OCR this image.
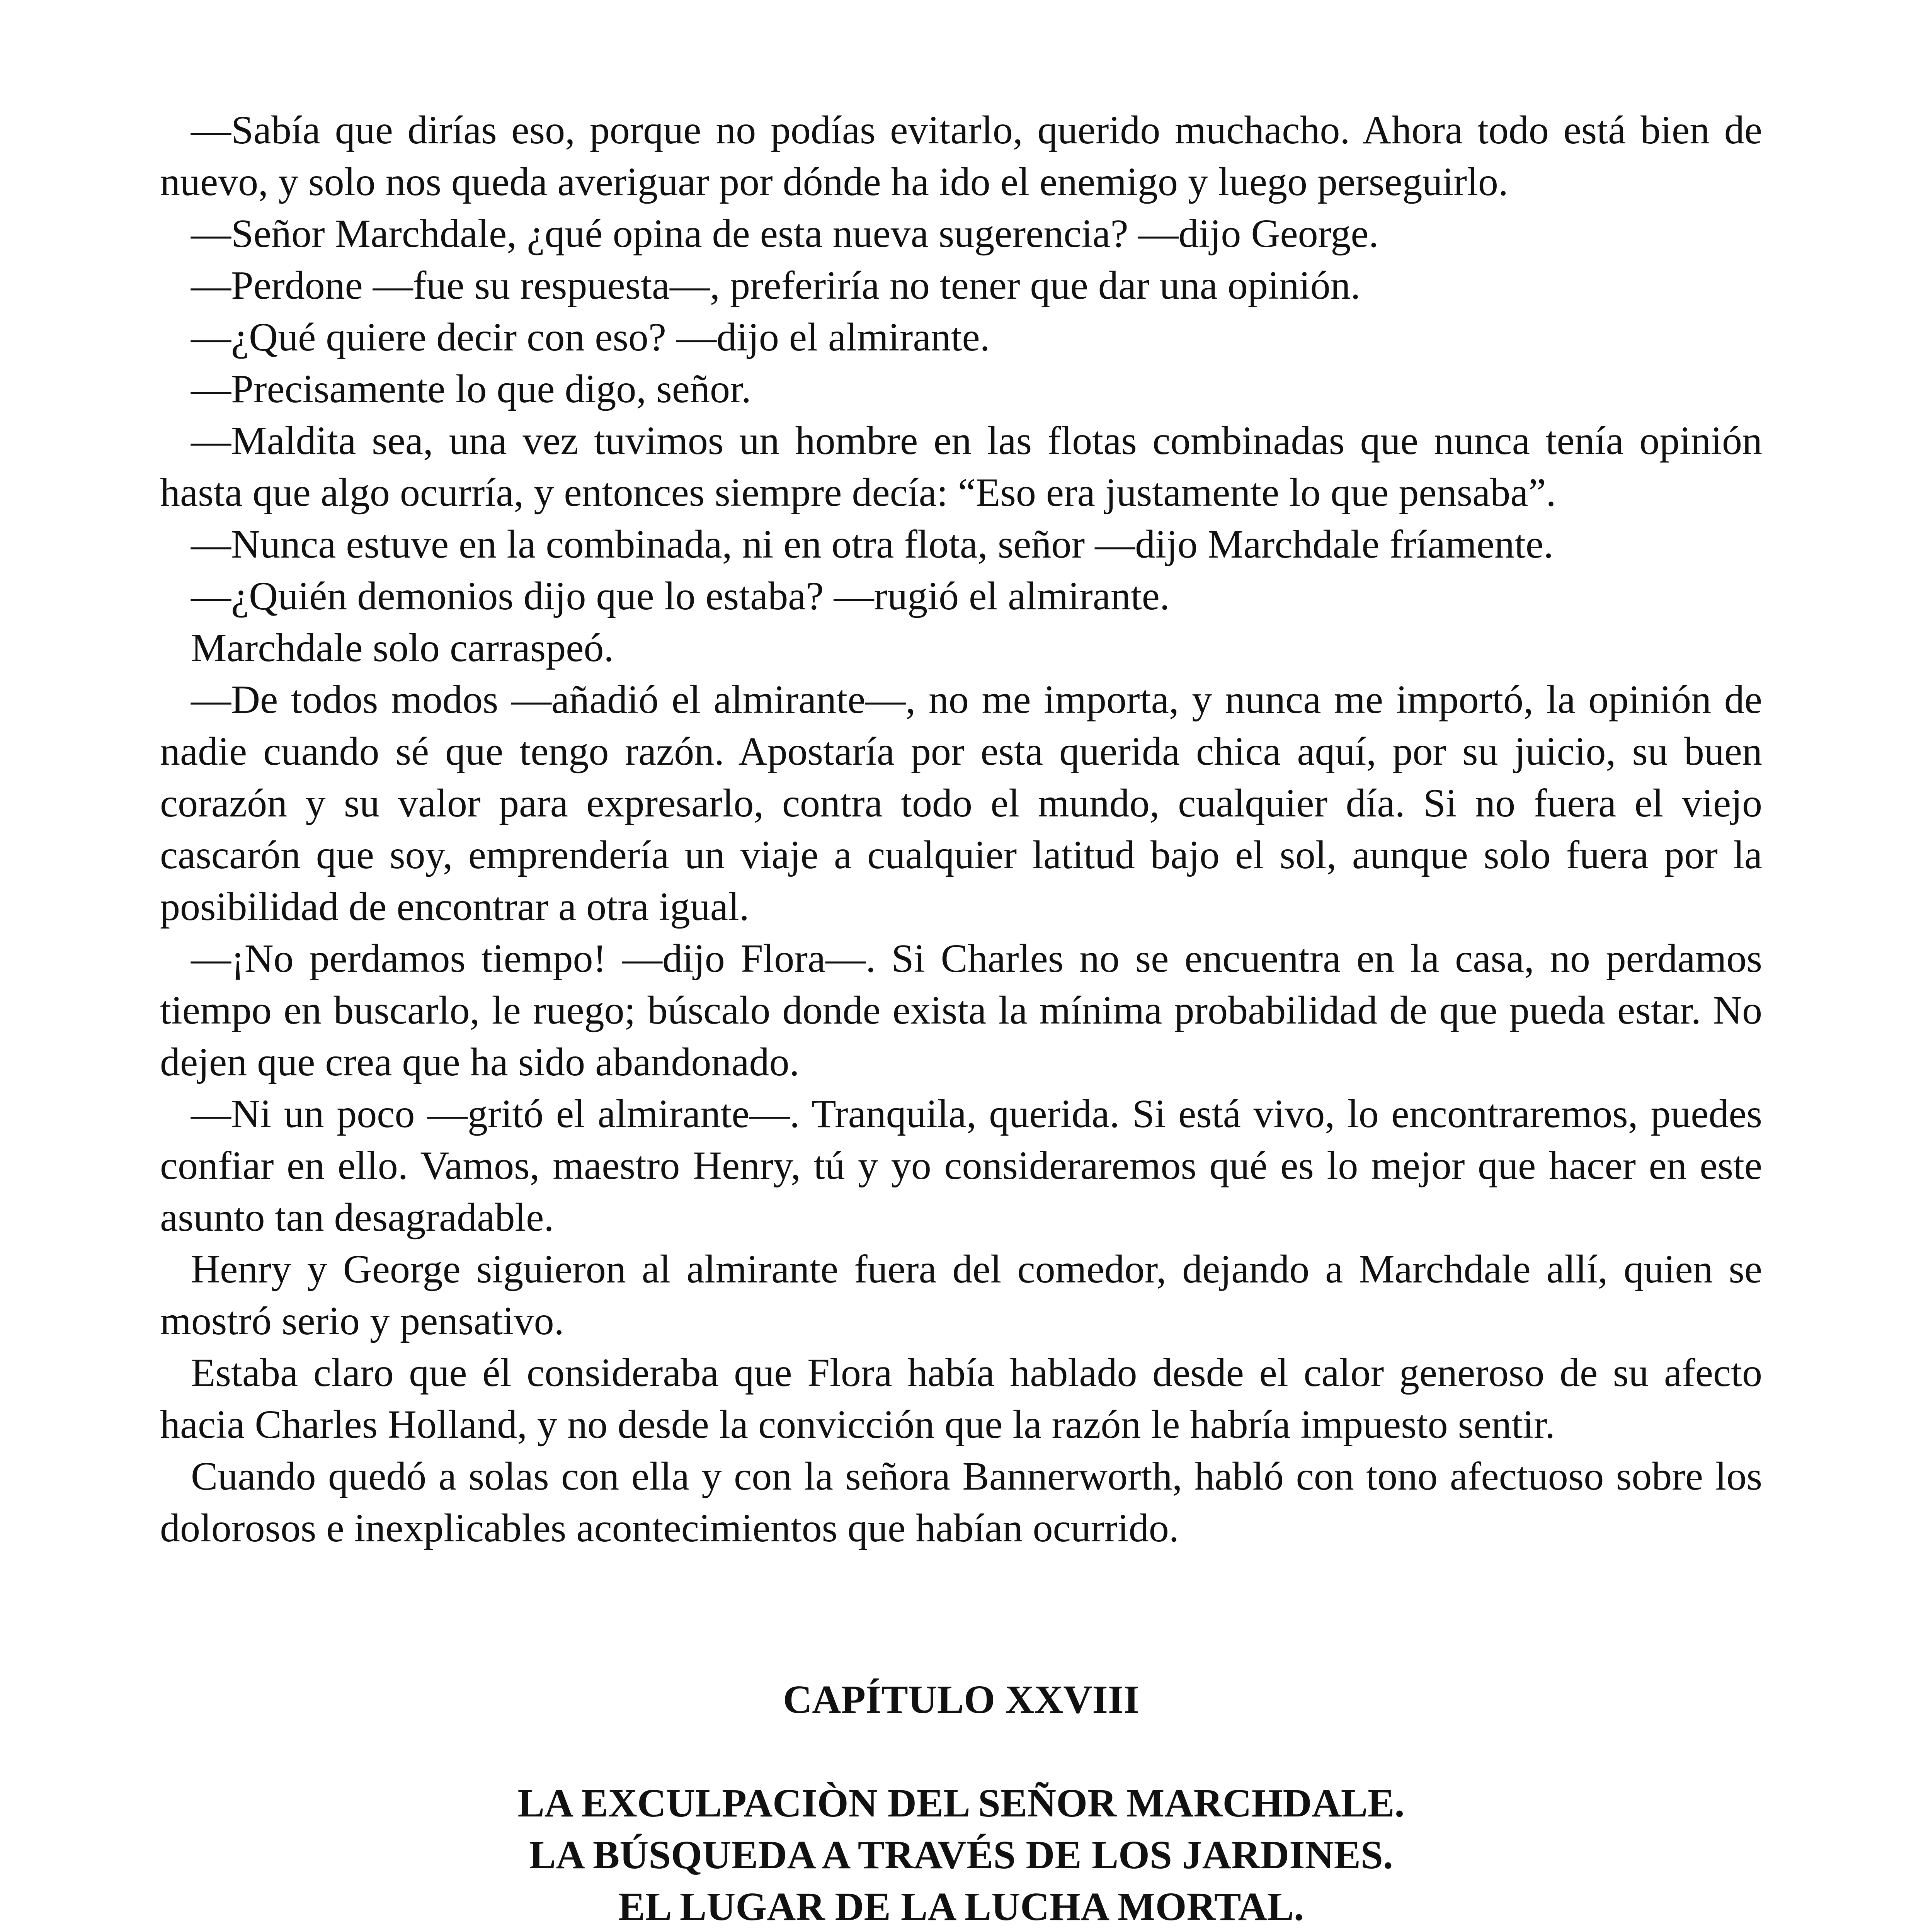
—Sabía que dirías eso, porque no podías evitarlo, querido muchacho. Ahora todo está bien de nuevo, y solo nos queda averiguar por dónde ha ido el enemigo y luego perseguirlo.

—Señor Marchdale, ¿qué opina de esta nueva sugerencia? —dijo George.

—Perdone —fue su respuesta—, preferiría no tener que dar una opinión.

—¿Qué quiere decir con eso? —dijo el almirante.

—Precisamente lo que digo, señor.

—Maldita sea, una vez tuvimos un hombre en las flotas combinadas que nunca tenía opinión hasta que algo ocurría, y entonces siempre decía: “Eso era justamente lo que pensaba”.

—Nunca estuve en la combinada, ni en otra flota, señor —dijo Marchdale fríamente.

—¿Quién demonios dijo que lo estaba? —rugió el almirante.

Marchdale solo carraspeó.

—De todos modos —añadió el almirante—, no me importa, y nunca me importó, la opinión de nadie cuando sé que tengo razón. Apostaría por esta querida chica aquí, por su juicio, su buen corazón y su valor para expresarlo, contra todo el mundo, cualquier día. Si no fuera el viejo cascarón que soy, emprendería un viaje a cualquier latitud bajo el sol, aunque solo fuera por la posibilidad de encontrar a otra igual.

—¡No perdamos tiempo! —dijo Flora—. Si Charles no se encuentra en la casa, no perdamos tiempo en buscarlo, le ruego; búscalo donde exista la mínima probabilidad de que pueda estar. No dejen que crea que ha sido abandonado.

—Ni un poco —gritó el almirante—. Tranquila, querida. Si está vivo, lo encontraremos, puedes confiar en ello. Vamos, maestro Henry, tú y yo consideraremos qué es lo mejor que hacer en este asunto tan desagradable.

Henry y George siguieron al almirante fuera del comedor, dejando a Marchdale allí, quien se mostró serio y pensativo.

Estaba claro que él consideraba que Flora había hablado desde el calor generoso de su afecto hacia Charles Holland, y no desde la convicción que la razón le habría impuesto sentir.

Cuando quedó a solas con ella y con la señora Bannerworth, habló con tono afectuoso sobre los dolorosos e inexplicables acontecimientos que habían ocurrido.

CAPÍTULO XXVIII

LA EXCULPACIÒN DEL SEÑOR MARCHDALE.
LA BÚSQUEDA A TRAVÉS DE LOS JARDINES.
EL LUGAR DE LA LUCHA MORTAL.
